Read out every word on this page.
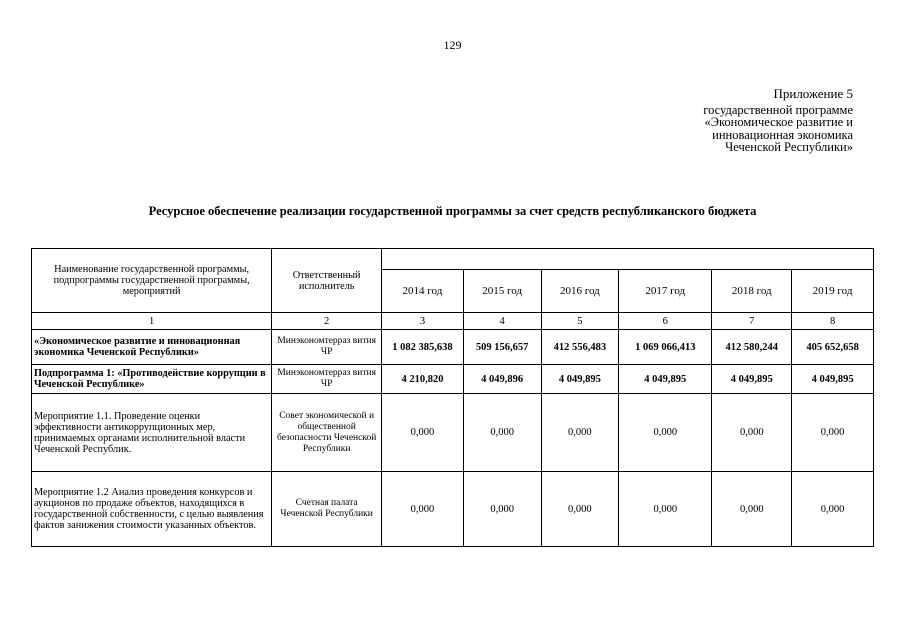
129
Приложение 5
государственной программе
«Экономическое развитие и
инновационная экономика
Чеченской Республики»
Ресурсное обеспечение реализации государственной программы за счет средств республиканского бюджета
Наименование государственной программы, подпрограммы государственной программы, мероприятий	Ответственный исполнитель						
		2014 год	2015 год	2016 год	2017 год	2018 год	2019 год
1	2	3	4	5	6	7	8
«Экономическое развитие и инновационная экономика Чеченской Республики»	Минэкономтерраз вития ЧР	1 082 385,638	509 156,657	412 556,483	1 069 066,413	412 580,244	405 652,658
Подпрограмма 1: «Противодействие коррупции в Чеченской Республике»	Минэкономтерраз вития ЧР	4 210,820	4 049,896	4 049,895	4 049,895	4 049,895	4 049,895
Мероприятие 1.1. Проведение оценки эффективности антикоррупционных мер, принимаемых органами исполнительной власти Чеченской Республик.	Совет экономической и общественной безопасности Чеченской Республики	0,000	0,000	0,000	0,000	0,000	0,000
Мероприятие 1.2 Анализ проведения конкурсов и аукционов по продаже объектов, находящихся в государственной собственности, с целью выявления фактов занижения стоимости указанных объектов.	Счетная палата Чеченской Республики	0,000	0,000	0,000	0,000	0,000	0,000
